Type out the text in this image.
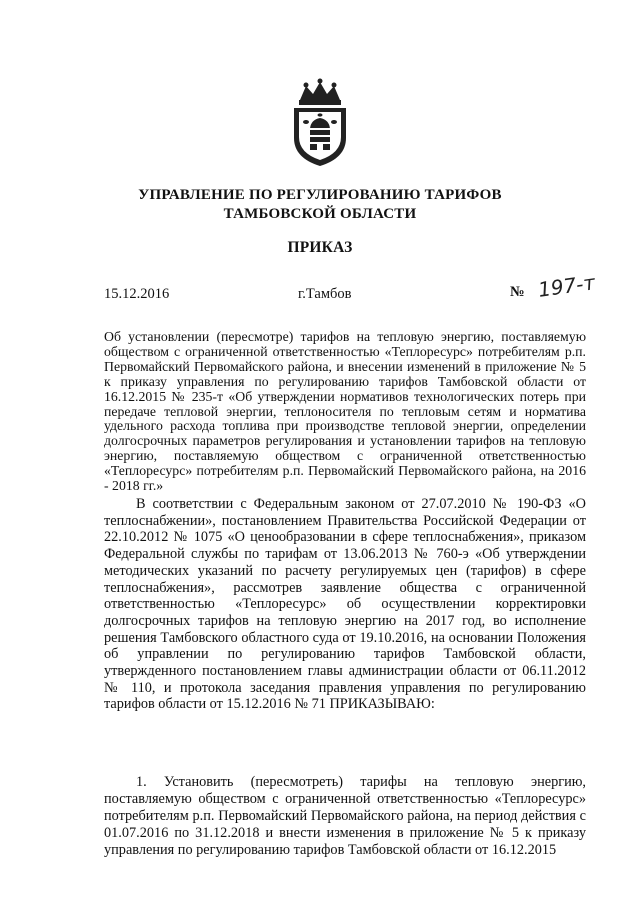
УПРАВЛЕНИЕ ПО РЕГУЛИРОВАНИЮ ТАРИФОВ
ТАМБОВСКОЙ ОБЛАСТИ
ПРИКАЗ
15.12.2016	г.Тамбов	№ 197-т
Об установлении (пересмотре) тарифов на тепловую энергию, поставляемую обществом с ограниченной ответственностью «Теплоресурс» потребителям р.п. Первомайский Первомайского района, и внесении изменений в приложение № 5 к приказу управления по регулированию тарифов Тамбовской области от 16.12.2015 № 235-т «Об утверждении нормативов технологических потерь при передаче тепловой энергии, теплоносителя по тепловым сетям и норматива удельного расхода топлива при производстве тепловой энергии, определении долгосрочных параметров регулирования и установлении тарифов на тепловую энергию, поставляемую обществом с ограниченной ответственностью «Теплоресурс» потребителям р.п. Первомайский Первомайского района, на 2016 - 2018 гг.»
В соответствии с Федеральным законом от 27.07.2010 № 190-ФЗ «О теплоснабжении», постановлением Правительства Российской Федерации от 22.10.2012 № 1075 «О ценообразовании в сфере теплоснабжения», приказом Федеральной службы по тарифам от 13.06.2013 № 760-э «Об утверждении методических указаний по расчету регулируемых цен (тарифов) в сфере теплоснабжения», рассмотрев заявление общества с ограниченной ответственностью «Теплоресурс» об осуществлении корректировки долгосрочных тарифов на тепловую энергию на 2017 год, во исполнение решения Тамбовского областного суда от 19.10.2016, на основании Положения об управлении по регулированию тарифов Тамбовской области, утвержденного постановлением главы администрации области от 06.11.2012 № 110, и протокола заседания правления управления по регулированию тарифов области от 15.12.2016 № 71 ПРИКАЗЫВАЮ:
1. Установить (пересмотреть) тарифы на тепловую энергию, поставляемую обществом с ограниченной ответственностью «Теплоресурс» потребителям р.п. Первомайский Первомайского района, на период действия с 01.07.2016 по 31.12.2018 и внести изменения в приложение № 5 к приказу управления по регулированию тарифов Тамбовской области от 16.12.2015
